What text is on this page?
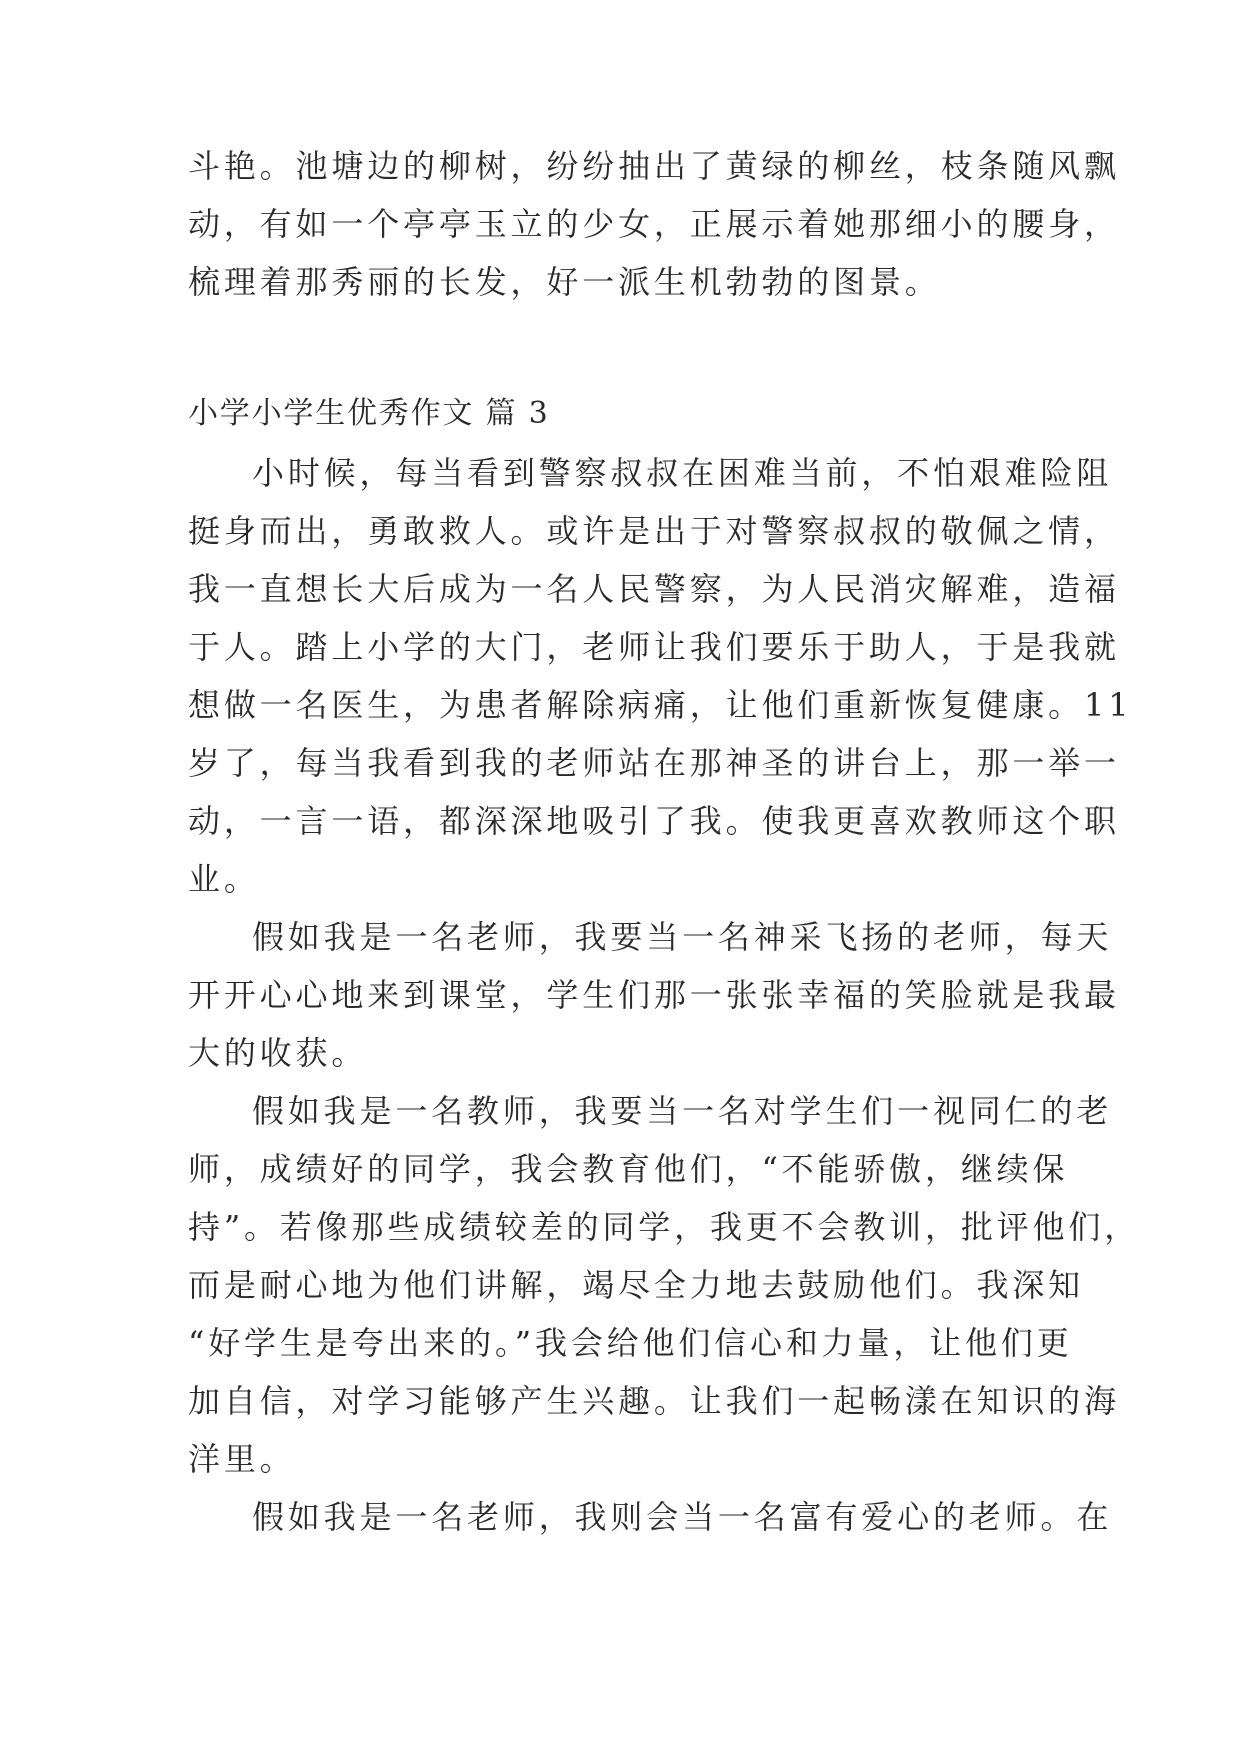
斗艳。池塘边的柳树，纷纷抽出了黄绿的柳丝，枝条随风飘
动，有如一个亭亭玉立的少女，正展示着她那细小的腰身，
梳理着那秀丽的长发，好一派生机勃勃的图景。
小学小学生优秀作文 篇 3
小时候，每当看到警察叔叔在困难当前，不怕艰难险阻
挺身而出，勇敢救人。或许是出于对警察叔叔的敬佩之情，
我一直想长大后成为一名人民警察，为人民消灾解难，造福
于人。踏上小学的大门，老师让我们要乐于助人，于是我就
想做一名医生，为患者解除病痛，让他们重新恢复健康。11
岁了，每当我看到我的老师站在那神圣的讲台上，那一举一
动，一言一语，都深深地吸引了我。使我更喜欢教师这个职
业。
假如我是一名老师，我要当一名神采飞扬的老师，每天
开开心心地来到课堂，学生们那一张张幸福的笑脸就是我最
大的收获。
假如我是一名教师，我要当一名对学生们一视同仁的老
师，成绩好的同学，我会教育他们，“不能骄傲，继续保
持”。若像那些成绩较差的同学，我更不会教训，批评他们，
而是耐心地为他们讲解，竭尽全力地去鼓励他们。我深知
“好学生是夸出来的。”我会给他们信心和力量，让他们更
加自信，对学习能够产生兴趣。让我们一起畅漾在知识的海
洋里。
假如我是一名老师，我则会当一名富有爱心的老师。在
